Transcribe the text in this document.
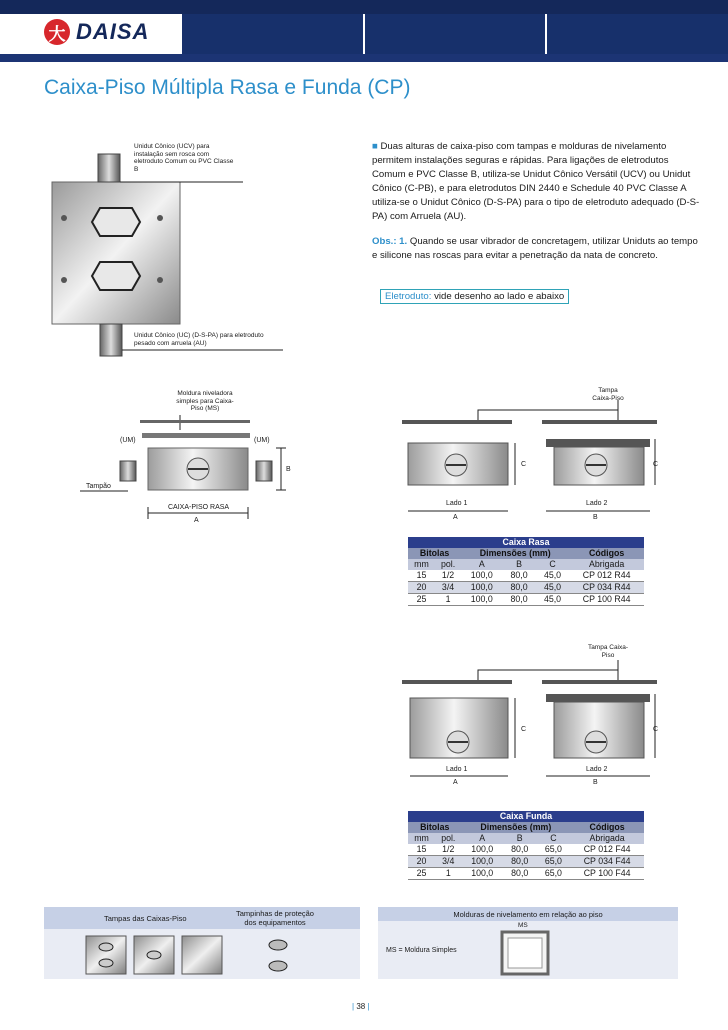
大 DAISA
Caixa-Piso Múltipla Rasa e Funda (CP)
■ Duas alturas de caixa-piso com tampas e molduras de nivelamento permitem instalações seguras e rápidas. Para ligações de eletrodutos Comum e PVC Classe B, utiliza-se Unidut Cônico Versátil (UCV) ou Unidut Cônico (C-PB), e para eletrodutos DIN 2440 e Schedule 40 PVC Classe A utiliza-se o Unidut Cônico (D-S-PA) para o tipo de eletroduto adequado (D-S-PA) com Arruela (AU).
Obs.: 1. Quando se usar vibrador de concretagem, utilizar Uniduts ao tempo e silicone nas roscas para evitar a penetração da nata de concreto.
Eletroduto: vide desenho ao lado e abaixo
Unidut Cônico (UCV) para instalação sem rosca com eletroduto Comum ou PVC Classe B
Unidut Cônico (UC) (D-S-PA) para eletroduto pesado com arruela (AU)
Moldura niveladora simples para Caixa-Piso (MS)
(UM)	(UM)
Tampão
B
CAIXA-PISO RASA
A
Tampa Caixa-Piso
C	C
Lado 1	Lado 2
A	B
Caixa Rasa					
Bitolas		Dimensões (mm)			Códigos
mm	pol.	A	B	C	Abrigada
15	1/2	100,0	80,0	45,0	CP 012 R44
20	3/4	100,0	80,0	45,0	CP 034 R44
25	1	100,0	80,0	45,0	CP 100 R44
Tampa Caixa-Piso
C	C
Lado 1	Lado 2
A	B
Caixa Funda					
Bitolas		Dimensões (mm)			Códigos
mm	pol.	A	B	C	Abrigada
15	1/2	100,0	80,0	65,0	CP 012 F44
20	3/4	100,0	80,0	65,0	CP 034 F44
25	1	100,0	80,0	65,0	CP 100 F44
Tampas das Caixas-Piso
Tampinhas de proteção dos equipamentos
Molduras de nivelamento em relação ao piso
MS = Moldura Simples
MS
| 38 |
